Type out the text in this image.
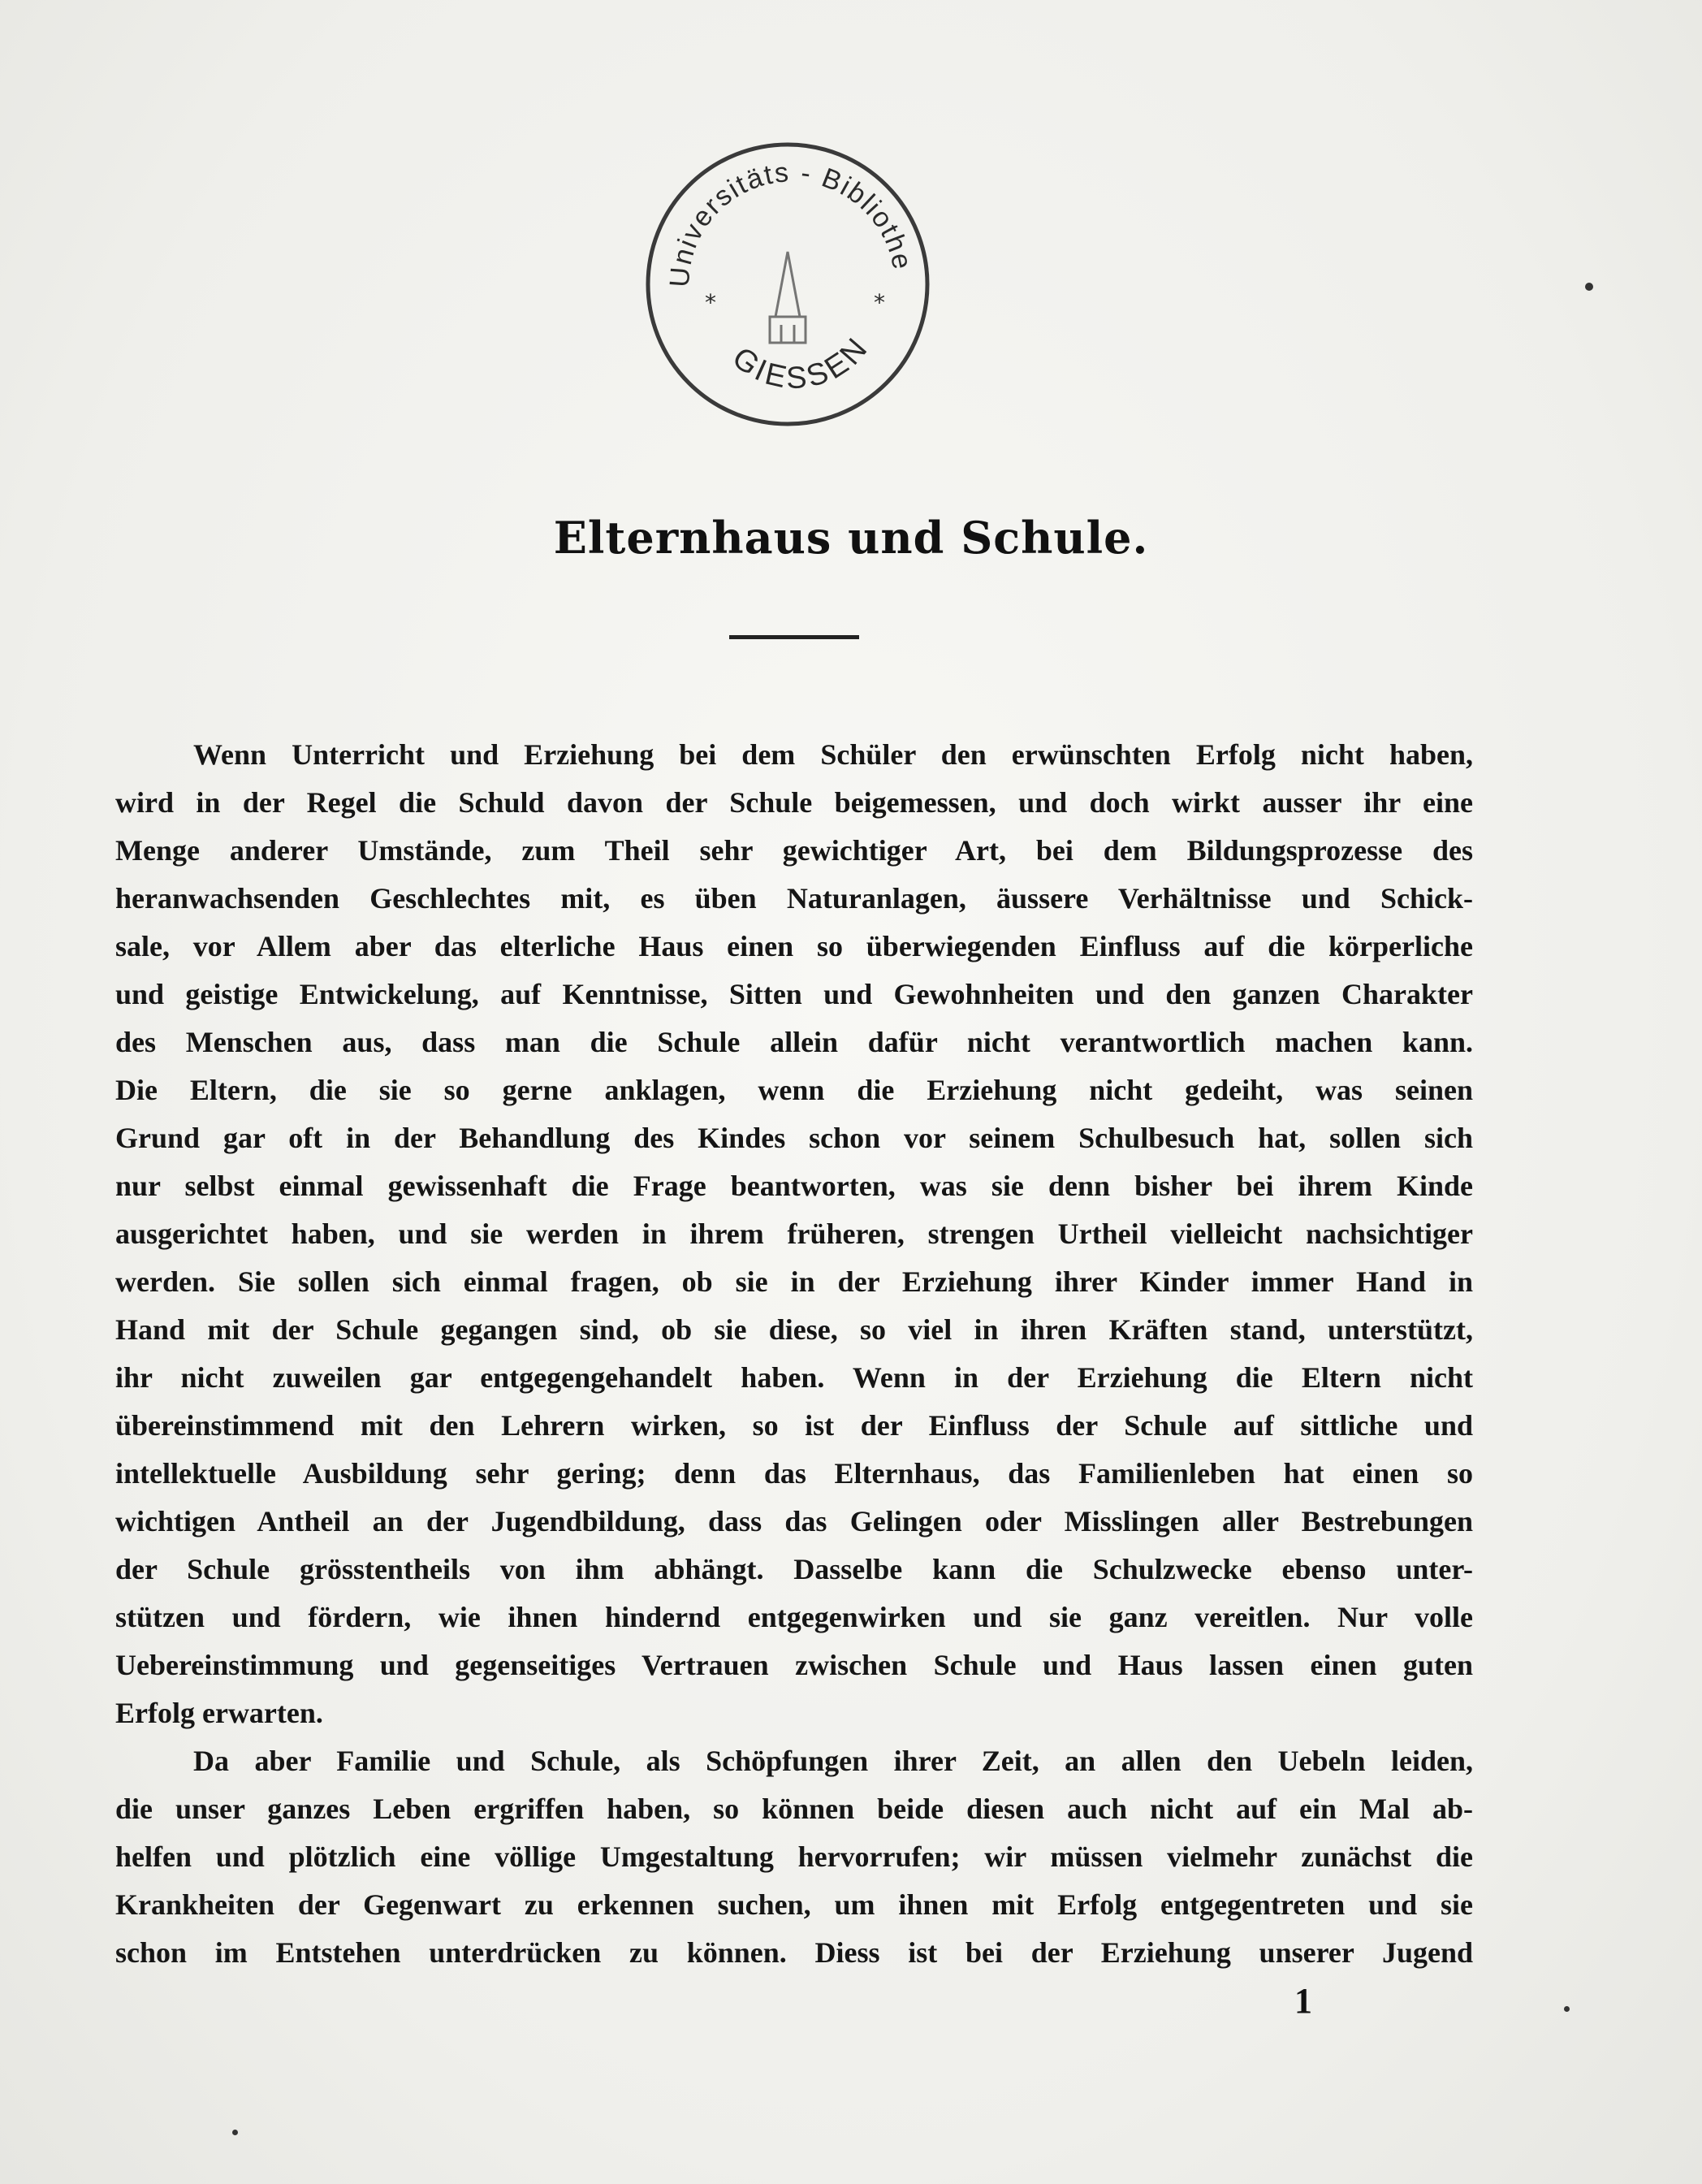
Universitäts - Bibliothe
GIESSEN
*	*
Elternhaus und Schule.
Wenn Unterricht und Erziehung bei dem Schüler den erwünschten Erfolg nicht haben,
wird in der Regel die Schuld davon der Schule beigemessen, und doch wirkt ausser ihr eine
Menge anderer Umstände, zum Theil sehr gewichtiger Art, bei dem Bildungsprozesse des
heranwachsenden Geschlechtes mit, es üben Naturanlagen, äussere Verhältnisse und Schick-
sale, vor Allem aber das elterliche Haus einen so überwiegenden Einfluss auf die körperliche
und geistige Entwickelung, auf Kenntnisse, Sitten und Gewohnheiten und den ganzen Charakter
des Menschen aus, dass man die Schule allein dafür nicht verantwortlich machen kann.
Die Eltern, die sie so gerne anklagen, wenn die Erziehung nicht gedeiht, was seinen
Grund gar oft in der Behandlung des Kindes schon vor seinem Schulbesuch hat, sollen sich
nur selbst einmal gewissenhaft die Frage beantworten, was sie denn bisher bei ihrem Kinde
ausgerichtet haben, und sie werden in ihrem früheren, strengen Urtheil vielleicht nachsichtiger
werden. Sie sollen sich einmal fragen, ob sie in der Erziehung ihrer Kinder immer Hand in
Hand mit der Schule gegangen sind, ob sie diese, so viel in ihren Kräften stand, unterstützt,
ihr nicht zuweilen gar entgegengehandelt haben. Wenn in der Erziehung die Eltern nicht
übereinstimmend mit den Lehrern wirken, so ist der Einfluss der Schule auf sittliche und
intellektuelle Ausbildung sehr gering; denn das Elternhaus, das Familienleben hat einen so
wichtigen Antheil an der Jugendbildung, dass das Gelingen oder Misslingen aller Bestrebungen
der Schule grösstentheils von ihm abhängt. Dasselbe kann die Schulzwecke ebenso unter-
stützen und fördern, wie ihnen hindernd entgegenwirken und sie ganz vereitlen. Nur volle
Uebereinstimmung und gegenseitiges Vertrauen zwischen Schule und Haus lassen einen guten
Erfolg erwarten.
Da aber Familie und Schule, als Schöpfungen ihrer Zeit, an allen den Uebeln leiden,
die unser ganzes Leben ergriffen haben, so können beide diesen auch nicht auf ein Mal ab-
helfen und plötzlich eine völlige Umgestaltung hervorrufen; wir müssen vielmehr zunächst die
Krankheiten der Gegenwart zu erkennen suchen, um ihnen mit Erfolg entgegentreten und sie
schon im Entstehen unterdrücken zu können. Diess ist bei der Erziehung unserer Jugend
1
